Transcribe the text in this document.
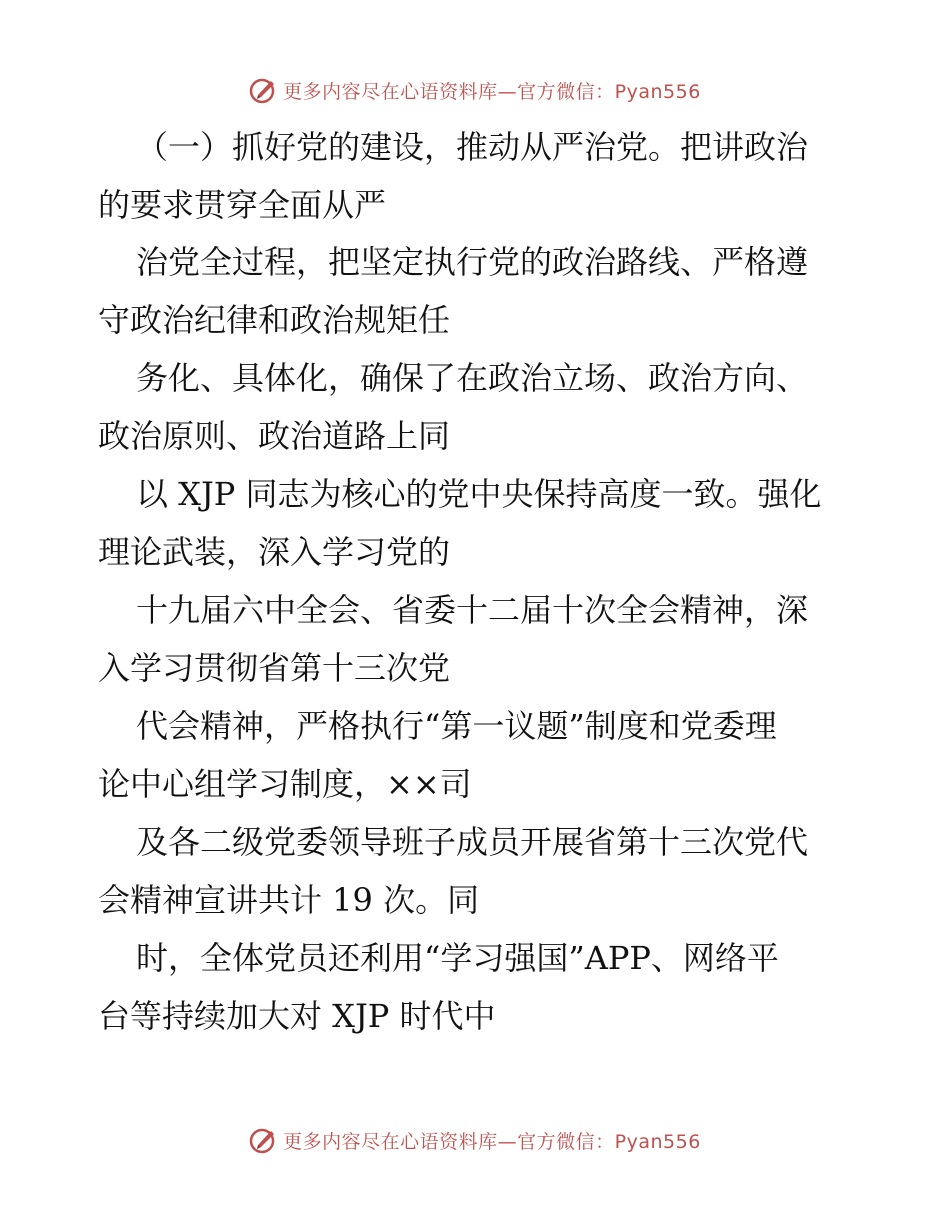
更多内容尽在心语资料库—官方微信：Pyan556
（一）抓好党的建设，推动从严治党。把讲政治
的要求贯穿全面从严
治党全过程，把坚定执行党的政治路线、严格遵
守政治纪律和政治规矩任
务化、具体化，确保了在政治立场、政治方向、
政治原则、政治道路上同
以 XJP 同志为核心的党中央保持高度一致。强化
理论武装，深入学习党的
十九届六中全会、省委十二届十次全会精神，深
入学习贯彻省第十三次党
代会精神，严格执行“第一议题”制度和党委理
论中心组学习制度，××司
及各二级党委领导班子成员开展省第十三次党代
会精神宣讲共计 19 次。同
时，全体党员还利用“学习强国”APP、网络平
台等持续加大对 XJP 时代中
更多内容尽在心语资料库—官方微信：Pyan556
